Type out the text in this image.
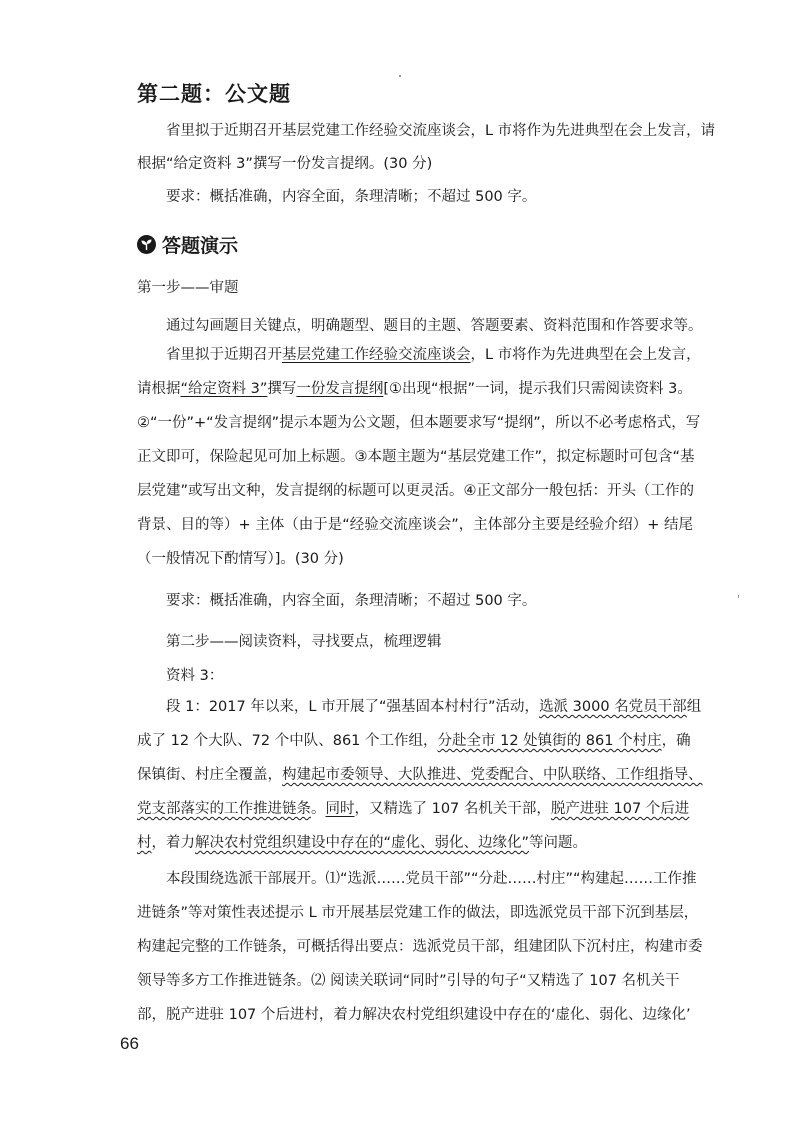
第二题：公文题
省里拟于近期召开基层党建工作经验交流座谈会，L 市将作为先进典型在会上发言，请
根据“给定资料 3”撰写一份发言提纲。(30 分)
要求：概括准确，内容全面，条理清晰；不超过 500 字。
答题演示
第一步——审题
通过勾画题目关键点，明确题型、题目的主题、答题要素、资料范围和作答要求等。
省里拟于近期召开基层党建工作经验交流座谈会，L 市将作为先进典型在会上发言，请根据“给定资料 3”撰写一份发言提纲[①出现“根据”一词，提示我们只需阅读资料 3。②“一份”+“发言提纲”提示本题为公文题，但本题要求写“提纲”，所以不必考虑格式，写正文即可，保险起见可加上标题。③本题主题为“基层党建工作”，拟定标题时可包含“基层党建”或写出文种，发言提纲的标题可以更灵活。④正文部分一般包括：开头（工作的背景、目的等）+ 主体（由于是“经验交流座谈会”，主体部分主要是经验介绍）+ 结尾（一般情况下酌情写）]。(30 分)
要求：概括准确，内容全面，条理清晰；不超过 500 字。
第二步——阅读资料，寻找要点，梳理逻辑
资料 3：
段 1：2017 年以来，L 市开展了“强基固本村村行”活动，选派 3000 名党员干部组成了 12 个大队、72 个中队、861 个工作组，分赴全市 12 处镇街的 861 个村庄，确保镇街、村庄全覆盖，构建起市委领导、大队推进、党委配合、中队联络、工作组指导、党支部落实的工作推进链条。同时，又精选了 107 名机关干部，脱产进驻 107 个后进村，着力解决农村党组织建设中存在的“虚化、弱化、边缘化”等问题。
本段围绕选派干部展开。⑴“选派……党员干部”“分赴……村庄”“构建起……工作推进链条”等对策性表述提示 L 市开展基层党建工作的做法，即选派党员干部下沉到基层，构建起完整的工作链条，可概括得出要点：选派党员干部，组建团队下沉村庄，构建市委领导等多方工作推进链条。⑵ 阅读关联词“同时”引导的句子“又精选了 107 名机关干部，脱产进驻 107 个后进村，着力解决农村党组织建设中存在的‘虚化、弱化、边缘化’
66
